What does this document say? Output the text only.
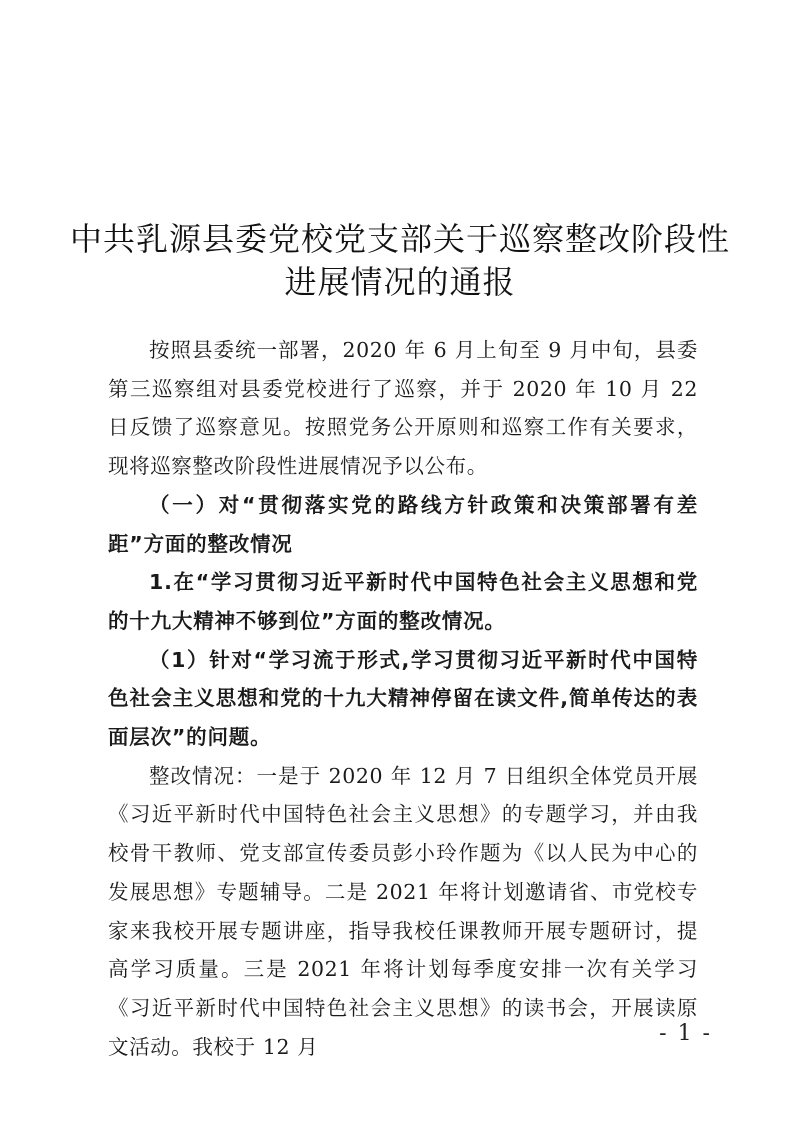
中共乳源县委党校党支部关于巡察整改阶段性
进展情况的通报

按照县委统一部署，2020 年 6 月上旬至 9 月中旬，县委第三巡察组对县委党校进行了巡察，并于 2020 年 10 月 22 日反馈了巡察意见。按照党务公开原则和巡察工作有关要求，现将巡察整改阶段性进展情况予以公布。

（一）对“贯彻落实党的路线方针政策和决策部署有差距”方面的整改情况

1.在“学习贯彻习近平新时代中国特色社会主义思想和党的十九大精神不够到位”方面的整改情况。

（1）针对“学习流于形式,学习贯彻习近平新时代中国特色社会主义思想和党的十九大精神停留在读文件,简单传达的表面层次”的问题。

整改情况：一是于 2020 年 12 月 7 日组织全体党员开展《习近平新时代中国特色社会主义思想》的专题学习，并由我校骨干教师、党支部宣传委员彭小玲作题为《以人民为中心的发展思想》专题辅导。二是 2021 年将计划邀请省、市党校专家来我校开展专题讲座，指导我校任课教师开展专题研讨，提高学习质量。三是 2021 年将计划每季度安排一次有关学习《习近平新时代中国特色社会主义思想》的读书会，开展读原文活动。我校于 12 月

- 1 -
